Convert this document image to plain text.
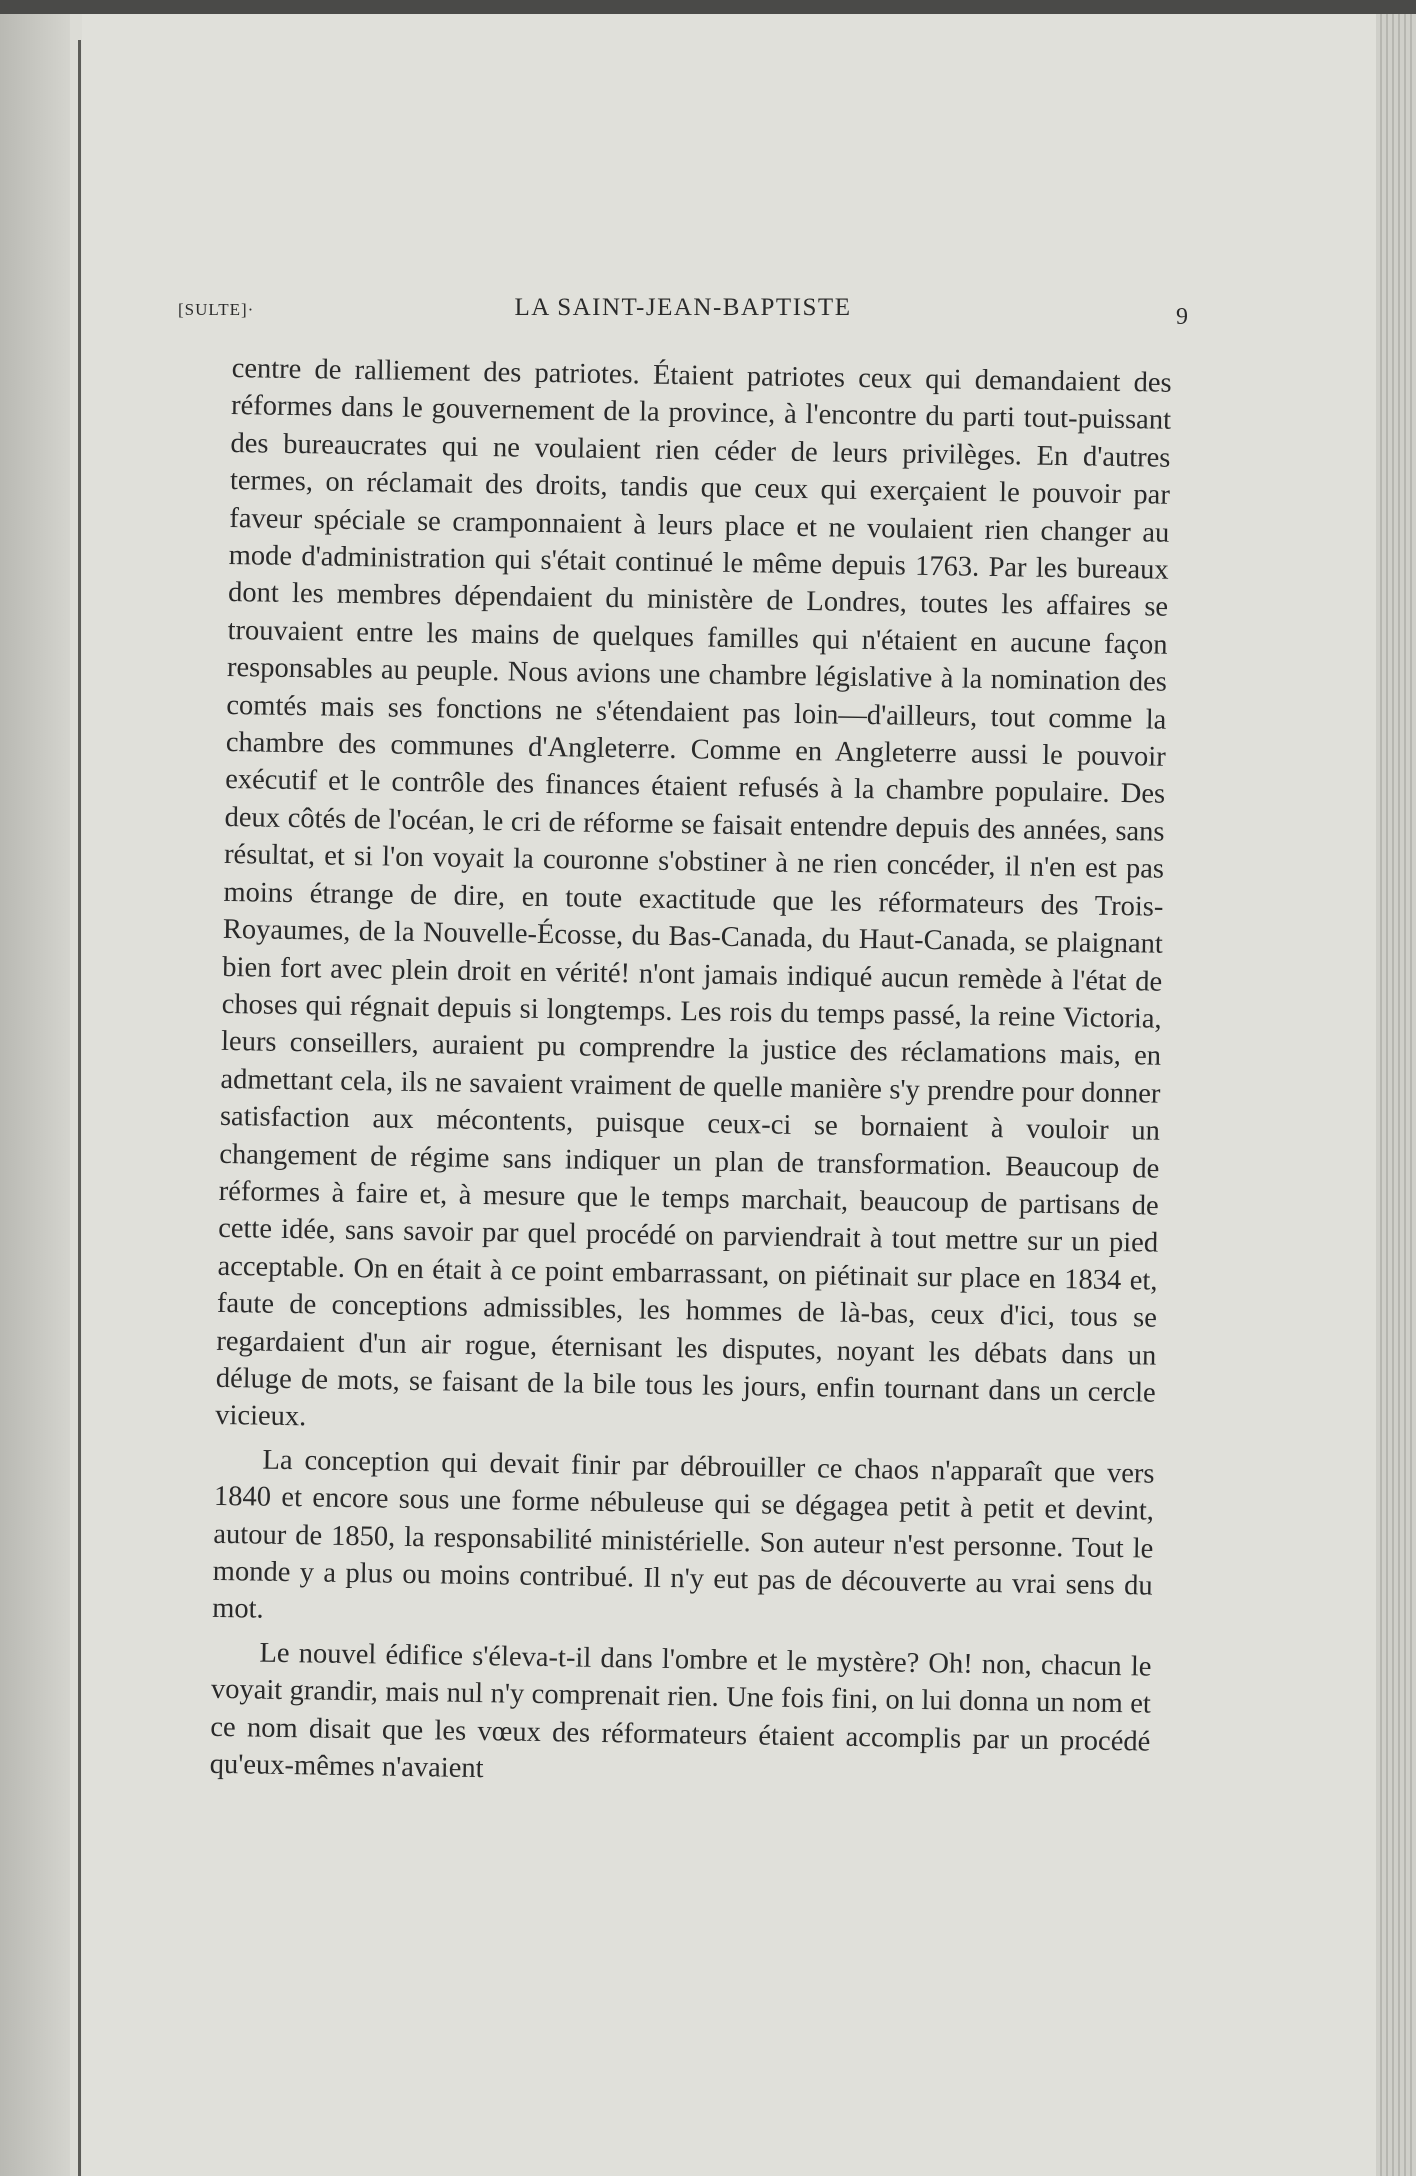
[SULTE]·	LA SAINT-JEAN-BAPTISTE	9

centre de ralliement des patriotes. Étaient patriotes ceux qui demandaient des réformes dans le gouvernement de la province, à l'encontre du parti tout-puissant des bureaucrates qui ne voulaient rien céder de leurs privilèges. En d'autres termes, on réclamait des droits, tandis que ceux qui exerçaient le pouvoir par faveur spéciale se cramponnaient à leurs place et ne voulaient rien changer au mode d'administration qui s'était continué le même depuis 1763. Par les bureaux dont les membres dépendaient du ministère de Londres, toutes les affaires se trouvaient entre les mains de quelques familles qui n'étaient en aucune façon responsables au peuple. Nous avions une chambre législative à la nomination des comtés mais ses fonctions ne s'étendaient pas loin—d'ailleurs, tout comme la chambre des communes d'Angleterre. Comme en Angleterre aussi le pouvoir exécutif et le contrôle des finances étaient refusés à la chambre populaire. Des deux côtés de l'océan, le cri de réforme se faisait entendre depuis des années, sans résultat, et si l'on voyait la couronne s'obstiner à ne rien concéder, il n'en est pas moins étrange de dire, en toute exactitude que les réformateurs des Trois-Royaumes, de la Nouvelle-Écosse, du Bas-Canada, du Haut-Canada, se plaignant bien fort avec plein droit en vérité! n'ont jamais indiqué aucun remède à l'état de choses qui régnait depuis si longtemps. Les rois du temps passé, la reine Victoria, leurs conseillers, auraient pu comprendre la justice des réclamations mais, en admettant cela, ils ne savaient vraiment de quelle manière s'y prendre pour donner satisfaction aux mécontents, puisque ceux-ci se bornaient à vouloir un changement de régime sans indiquer un plan de transformation. Beaucoup de réformes à faire et, à mesure que le temps marchait, beaucoup de partisans de cette idée, sans savoir par quel procédé on parviendrait à tout mettre sur un pied acceptable. On en était à ce point embarrassant, on piétinait sur place en 1834 et, faute de conceptions admissibles, les hommes de là-bas, ceux d'ici, tous se regardaient d'un air rogue, éternisant les disputes, noyant les débats dans un déluge de mots, se faisant de la bile tous les jours, enfin tournant dans un cercle vicieux.

La conception qui devait finir par débrouiller ce chaos n'apparaît que vers 1840 et encore sous une forme nébuleuse qui se dégagea petit à petit et devint, autour de 1850, la responsabilité ministérielle. Son auteur n'est personne. Tout le monde y a plus ou moins contribué. Il n'y eut pas de découverte au vrai sens du mot.

Le nouvel édifice s'éleva-t-il dans l'ombre et le mystère? Oh! non, chacun le voyait grandir, mais nul n'y comprenait rien. Une fois fini, on lui donna un nom et ce nom disait que les vœux des réformateurs étaient accomplis par un procédé qu'eux-mêmes n'avaient
